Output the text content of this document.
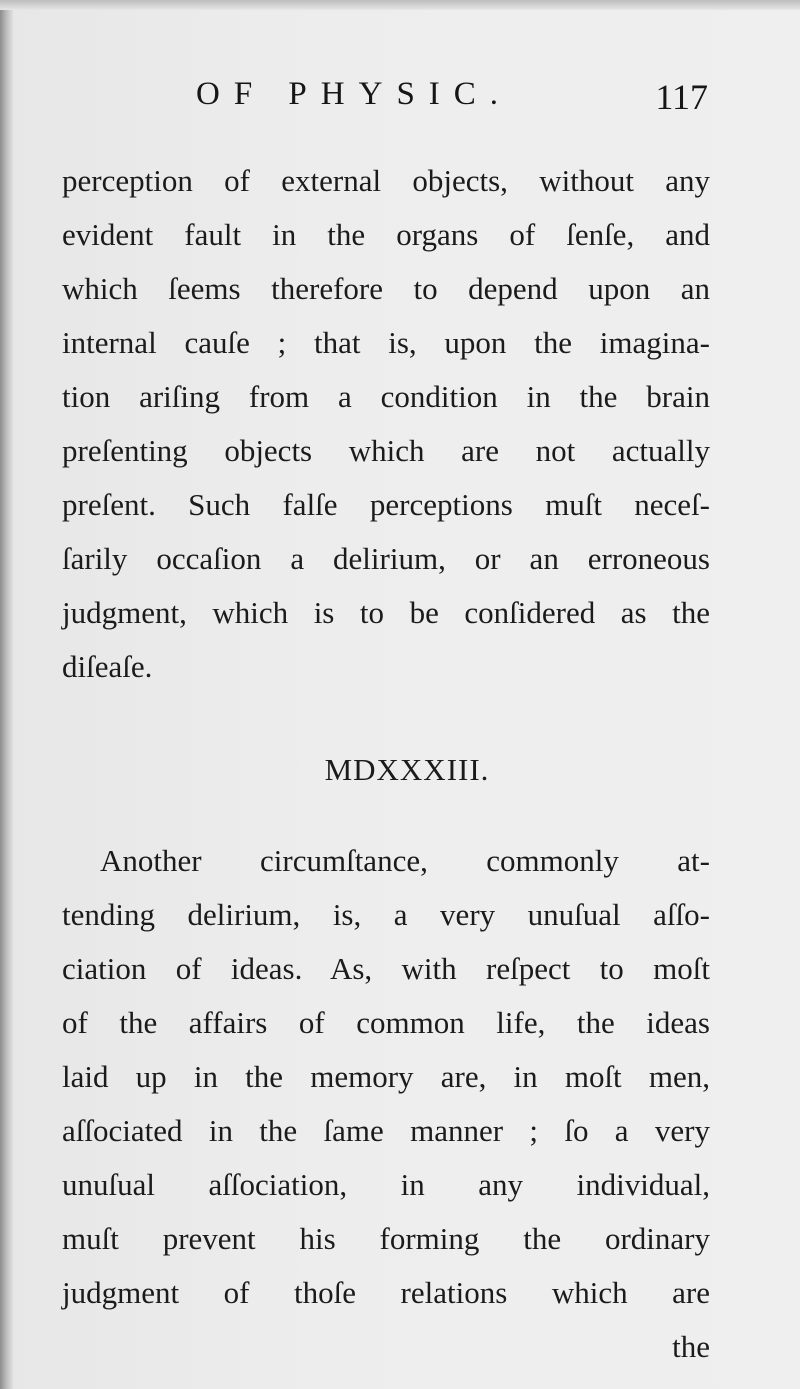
OF PHYSIC.	117
perception of external objects, without any
evident fault in the organs of ſenſe, and
which ſeems therefore to depend upon an
internal cauſe ; that is, upon the imagina-
tion ariſing from a condition in the brain
preſenting objects which are not actually
preſent. Such falſe perceptions muſt neceſ-
ſarily occaſion a delirium, or an erroneous
judgment, which is to be conſidered as the
diſeaſe.
MDXXXIII.
Another circumſtance, commonly at-
tending delirium, is, a very unuſual aſſo-
ciation of ideas. As, with reſpect to moſt
of the affairs of common life, the ideas
laid up in the memory are, in moſt men,
aſſociated in the ſame manner ; ſo a very
unuſual aſſociation, in any individual,
muſt prevent his forming the ordinary
judgment of thoſe relations which are
the
